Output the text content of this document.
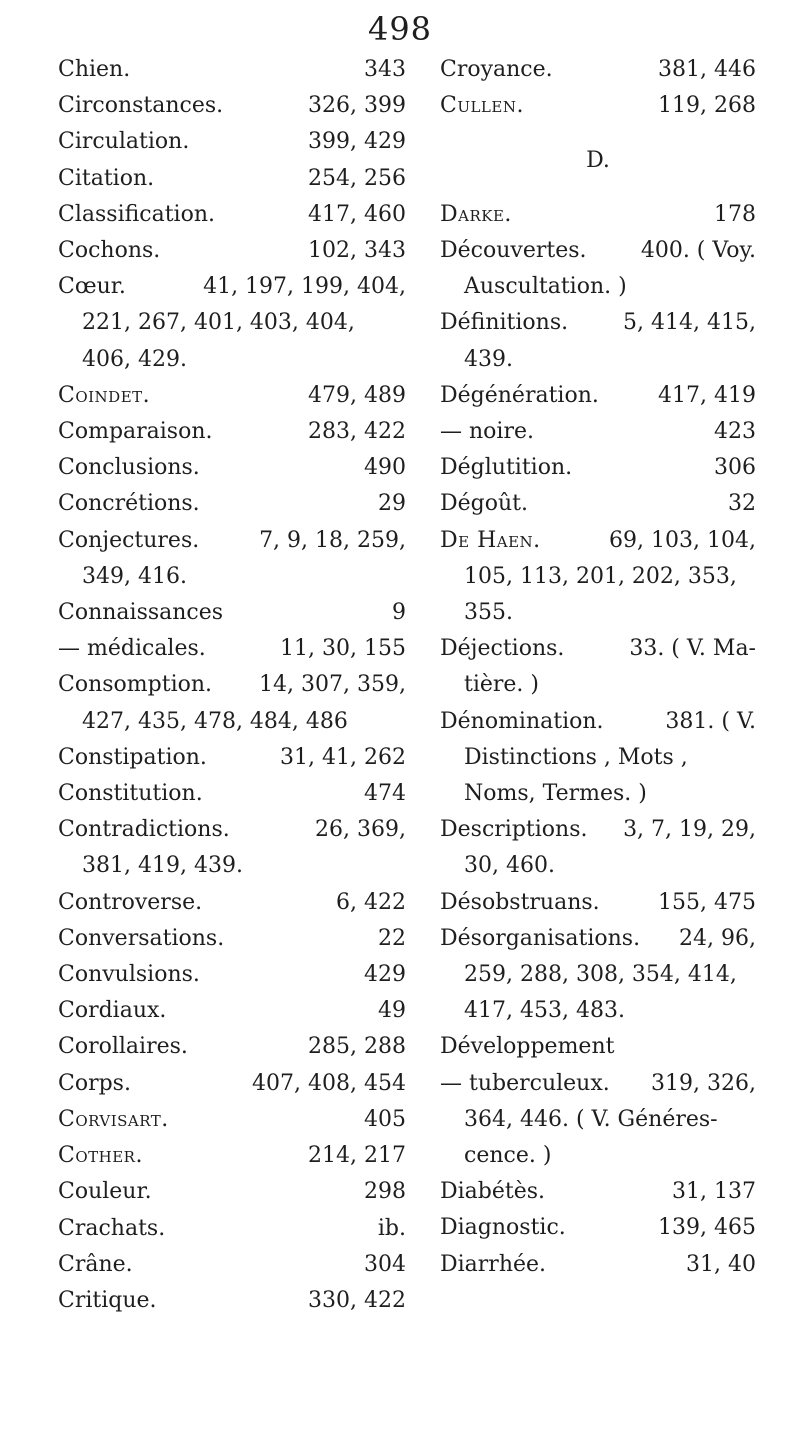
498
Chien.	343
Circonstances.	326, 399
Circulation.	399, 429
Citation.	254, 256
Classification.	417, 460
Cochons.	102, 343
Cœur.	41, 197, 199, 404,
221, 267, 401, 403, 404,
406, 429.
Coindet.	479, 489
Comparaison.	283, 422
Conclusions.	490
Concrétions.	29
Conjectures.	7, 9, 18, 259,
349, 416.
Connaissances	9
— médicales.	11, 30, 155
Consomption. 14, 307, 359,
427, 435, 478, 484, 486
Constipation.	31, 41, 262
Constitution.	474
Contradictions.	26, 369,
381, 419, 439.
Controverse.	6, 422
Conversations.	22
Convulsions.	429
Cordiaux.	49
Corollaires.	285, 288
Corps.	407, 408, 454
Corvisart.	405
Cother.	214, 217
Couleur.	298
Crachats.	ib.
Crâne.	304
Critique.	330, 422
Croyance.	381, 446
Cullen.	119, 268
D.
Darke.	178
Découvertes. 400. ( Voy.
Auscultation. )
Définitions. 5, 414, 415,
439.
Dégénération.	417, 419
— noire.	423
Déglutition.	306
Dégoût.	32
De Haen.	69, 103, 104,
105, 113, 201, 202, 353,
355.
Déjections.	33. ( V. Ma-
tière. )
Dénomination.	381. ( V.
Distinctions , Mots ,
Noms, Termes. )
Descriptions. 3, 7, 19, 29,
30, 460.
Désobstruans.	155, 475
Désorganisations. 24, 96,
259, 288, 308, 354, 414,
417, 453, 483.
Développement
— tuberculeux. 319, 326,
364, 446. ( V. Généres-
cence. )
Diabétès.	31, 137
Diagnostic.	139, 465
Diarrhée.	31, 40
